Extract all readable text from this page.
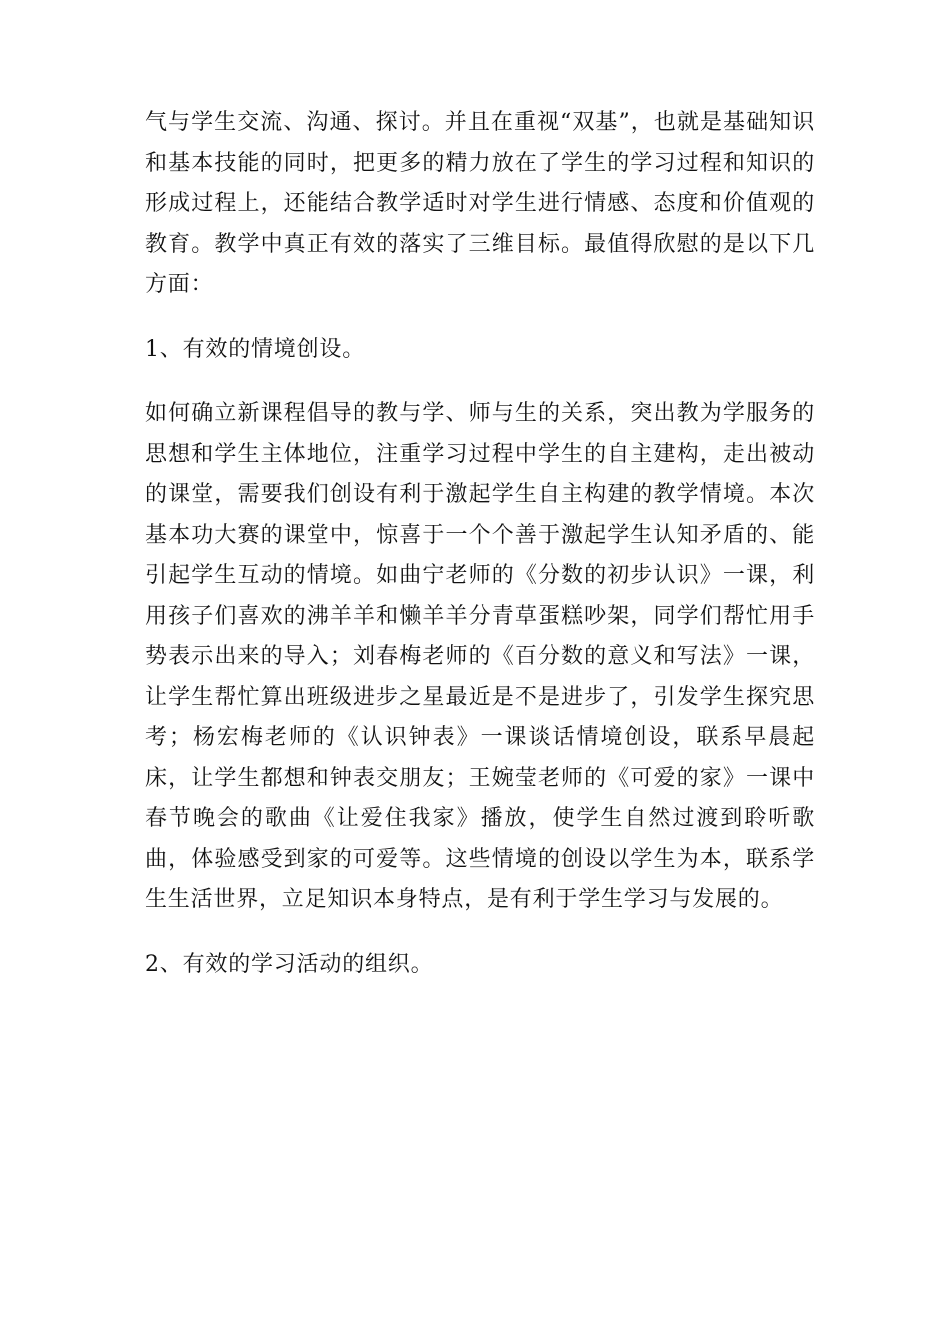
气与学生交流、沟通、探讨。并且在重视“双基”，也就是基础知识和基本技能的同时，把更多的精力放在了学生的学习过程和知识的形成过程上，还能结合教学适时对学生进行情感、态度和价值观的教育。教学中真正有效的落实了三维目标。最值得欣慰的是以下几方面：

1、有效的情境创设。

如何确立新课程倡导的教与学、师与生的关系，突出教为学服务的思想和学生主体地位，注重学习过程中学生的自主建构，走出被动的课堂，需要我们创设有利于激起学生自主构建的教学情境。本次基本功大赛的课堂中，惊喜于一个个善于激起学生认知矛盾的、能引起学生互动的情境。如曲宁老师的《分数的初步认识》一课，利用孩子们喜欢的沸羊羊和懒羊羊分青草蛋糕吵架，同学们帮忙用手势表示出来的导入；刘春梅老师的《百分数的意义和写法》一课，让学生帮忙算出班级进步之星最近是不是进步了，引发学生探究思考；杨宏梅老师的《认识钟表》一课谈话情境创设，联系早晨起床，让学生都想和钟表交朋友；王婉莹老师的《可爱的家》一课中春节晚会的歌曲《让爱住我家》播放，使学生自然过渡到聆听歌曲，体验感受到家的可爱等。这些情境的创设以学生为本，联系学生生活世界，立足知识本身特点，是有利于学生学习与发展的。

2、有效的学习活动的组织。
